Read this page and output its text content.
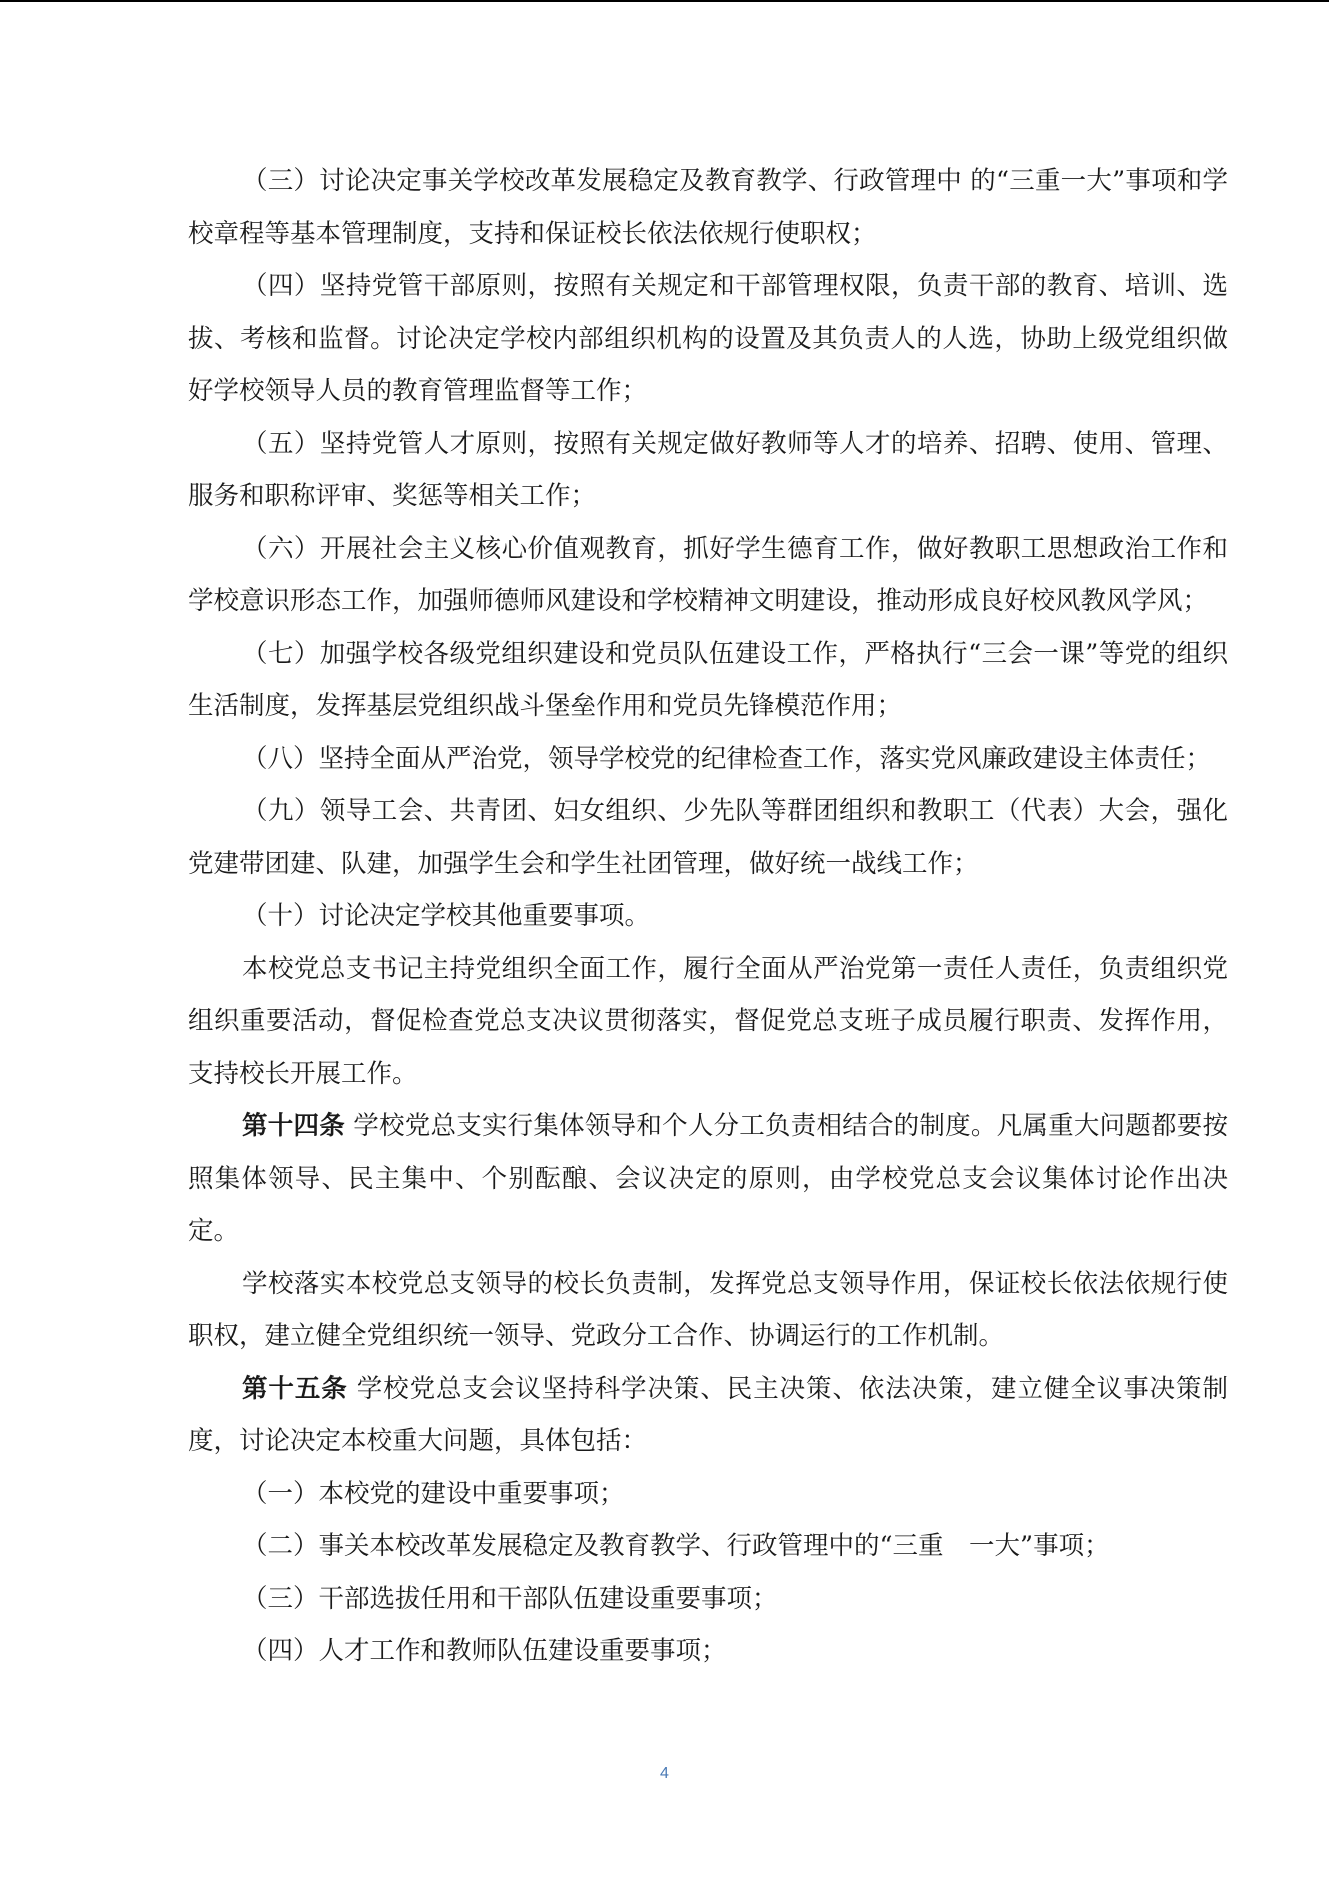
（三）讨论决定事关学校改革发展稳定及教育教学、行政管理中 的“三重一大”事项和学校章程等基本管理制度，支持和保证校长依法依规行使职权；

（四）坚持党管干部原则，按照有关规定和干部管理权限，负责干部的教育、培训、选拔、考核和监督。讨论决定学校内部组织机构的设置及其负责人的人选，协助上级党组织做好学校领导人员的教育管理监督等工作；

（五）坚持党管人才原则，按照有关规定做好教师等人才的培养、招聘、使用、管理、服务和职称评审、奖惩等相关工作；

（六）开展社会主义核心价值观教育，抓好学生德育工作，做好教职工思想政治工作和学校意识形态工作，加强师德师风建设和学校精神文明建设，推动形成良好校风教风学风；

（七）加强学校各级党组织建设和党员队伍建设工作，严格执行“三会一课”等党的组织生活制度，发挥基层党组织战斗堡垒作用和党员先锋模范作用；

（八）坚持全面从严治党，领导学校党的纪律检查工作，落实党风廉政建设主体责任；

（九）领导工会、共青团、妇女组织、少先队等群团组织和教职工（代表）大会，强化党建带团建、队建，加强学生会和学生社团管理，做好统一战线工作；

（十）讨论决定学校其他重要事项。

本校党总支书记主持党组织全面工作，履行全面从严治党第一责任人责任，负责组织党组织重要活动，督促检查党总支决议贯彻落实，督促党总支班子成员履行职责、发挥作用，支持校长开展工作。

第十四条 学校党总支实行集体领导和个人分工负责相结合的制度。凡属重大问题都要按照集体领导、民主集中、个别酝酿、会议决定的原则，由学校党总支会议集体讨论作出决定。

学校落实本校党总支领导的校长负责制，发挥党总支领导作用，保证校长依法依规行使职权，建立健全党组织统一领导、党政分工合作、协调运行的工作机制。

第十五条 学校党总支会议坚持科学决策、民主决策、依法决策，建立健全议事决策制度，讨论决定本校重大问题，具体包括：

（一）本校党的建设中重要事项；

（二）事关本校改革发展稳定及教育教学、行政管理中的“三重　一大”事项；

（三）干部选拔任用和干部队伍建设重要事项；

（四）人才工作和教师队伍建设重要事项；

4
